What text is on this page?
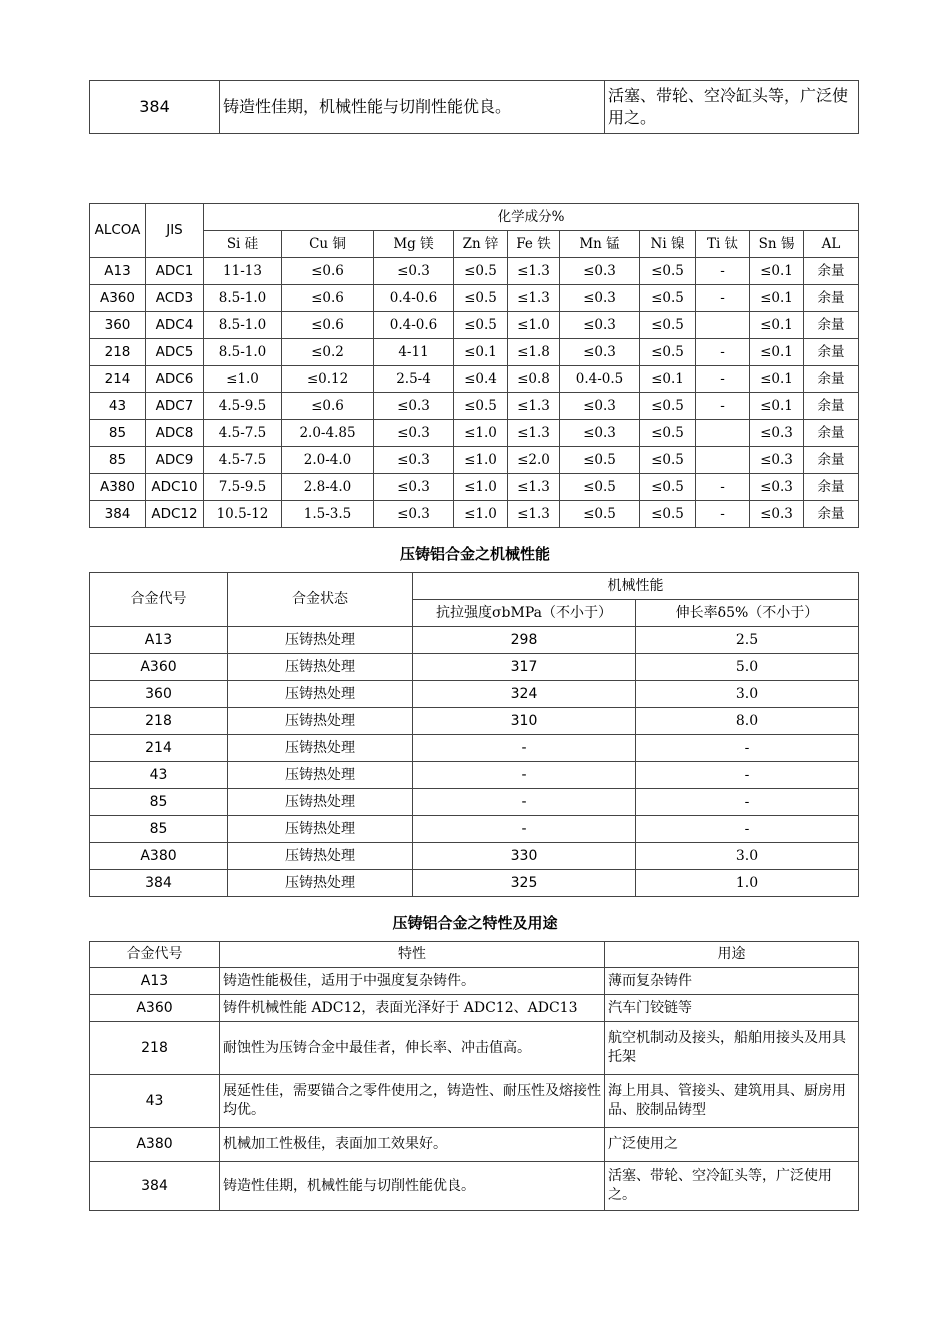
384	铸造性佳期，机械性能与切削性能优良。	活塞、带轮、空冷缸头等，广泛使用之。
ALCOA	JIS	化学成分%									
		Si 硅	Cu 铜	Mg 镁	Zn 锌	Fe 铁	Mn 锰	Ni 镍	Ti 钛	Sn 锡	AL
A13	ADC1	11-13	≤0.6	≤0.3	≤0.5	≤1.3	≤0.3	≤0.5	-	≤0.1	余量
A360	ACD3	8.5-1.0	≤0.6	0.4-0.6	≤0.5	≤1.3	≤0.3	≤0.5	-	≤0.1	余量
360	ADC4	8.5-1.0	≤0.6	0.4-0.6	≤0.5	≤1.0	≤0.3	≤0.5		≤0.1	余量
218	ADC5	8.5-1.0	≤0.2	4-11	≤0.1	≤1.8	≤0.3	≤0.5	-	≤0.1	余量
214	ADC6	≤1.0	≤0.12	2.5-4	≤0.4	≤0.8	0.4-0.5	≤0.1	-	≤0.1	余量
43	ADC7	4.5-9.5	≤0.6	≤0.3	≤0.5	≤1.3	≤0.3	≤0.5	-	≤0.1	余量
85	ADC8	4.5-7.5	2.0-4.85	≤0.3	≤1.0	≤1.3	≤0.3	≤0.5		≤0.3	余量
85	ADC9	4.5-7.5	2.0-4.0	≤0.3	≤1.0	≤2.0	≤0.5	≤0.5		≤0.3	余量
A380	ADC10	7.5-9.5	2.8-4.0	≤0.3	≤1.0	≤1.3	≤0.5	≤0.5	-	≤0.3	余量
384	ADC12	10.5-12	1.5-3.5	≤0.3	≤1.0	≤1.3	≤0.5	≤0.5	-	≤0.3	余量
压铸铝合金之机械性能
合金代号	合金状态	机械性能	
		抗拉强度σbMPa（不小于）	伸长率δ5%（不小于）
A13	压铸热处理	298	2.5
A360	压铸热处理	317	5.0
360	压铸热处理	324	3.0
218	压铸热处理	310	8.0
214	压铸热处理	-	-
43	压铸热处理	-	-
85	压铸热处理	-	-
85	压铸热处理	-	-
A380	压铸热处理	330	3.0
384	压铸热处理	325	1.0
压铸铝合金之特性及用途
合金代号	特性	用途
A13	铸造性能极佳，适用于中强度复杂铸件。	薄而复杂铸件
A360	铸件机械性能 ADC12，表面光泽好于 ADC12、ADC13	汽车门铰链等
218	耐蚀性为压铸合金中最佳者，伸长率、冲击值高。	航空机制动及接头，船舶用接头及用具托架
43	展延性佳，需要锚合之零件使用之，铸造性、耐压性及熔接性均优。	海上用具、管接头、建筑用具、厨房用品、胶制品铸型
A380	机械加工性极佳，表面加工效果好。	广泛使用之
384	铸造性佳期，机械性能与切削性能优良。	活塞、带轮、空冷缸头等，广泛使用之。
